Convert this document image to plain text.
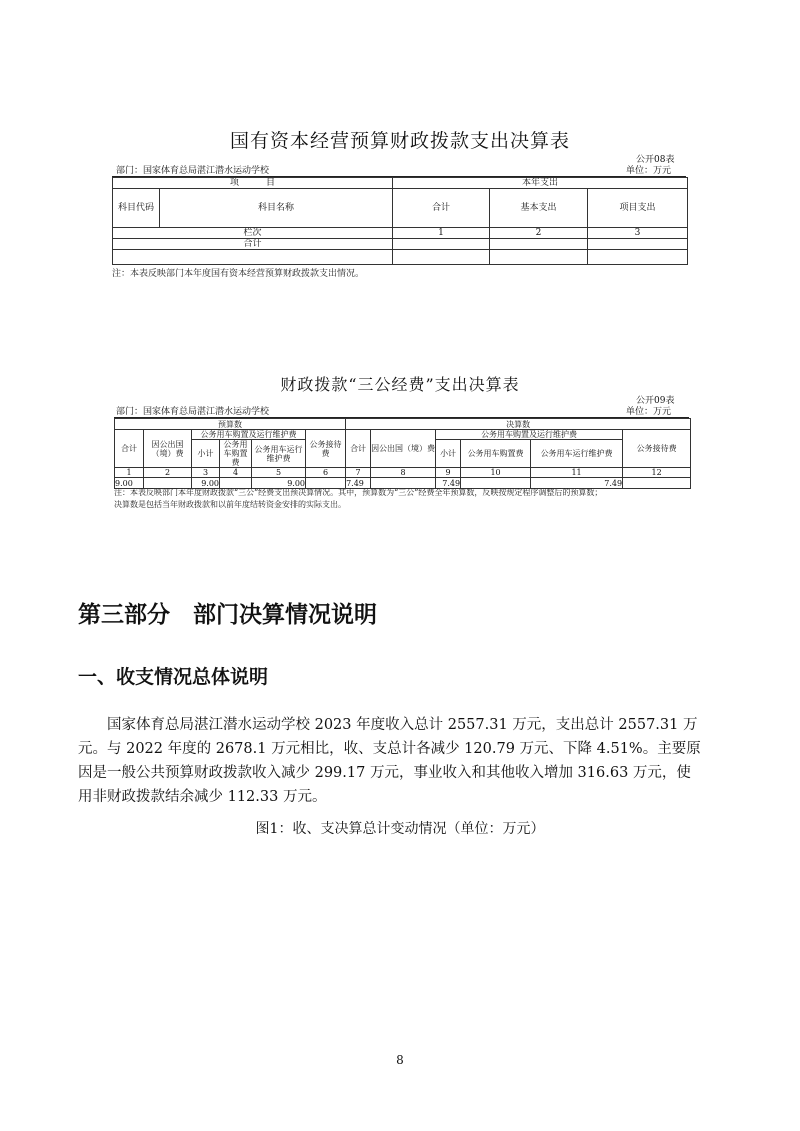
国有资本经营预算财政拨款支出决算表
公开08表
部门：国家体育总局湛江潜水运动学校	单位：万元
项　　　目		本年支出		
科目代码	科目名称	合计	基本支出	项目支出
栏次		1	2	3
合计				

注：本表反映部门本年度国有资本经营预算财政拨款支出情况。
财政拨款“三公经费”支出决算表
公开09表
部门：国家体育总局湛江潜水运动学校	单位：万元
预算数						决算数					
合计	因公出国（境）费	公务用车购置及运行维护费			公务接待费	合计	因公出国（境）费	公务用车购置及运行维护费			公务接待费
		小计	公务用车购置费	公务用车运行维护费				小计	公务用车购置费	公务用车运行维护费	
1	2	3	4	5	6	7	8	9	10	11	12
9.00		9.00		9.00		7.49		7.49		7.49	
注：本表反映部门本年度财政拨款“三公”经费支出预决算情况。其中，预算数为“三公”经费全年预算数，反映按规定程序调整后的预算数；
决算数是包括当年财政拨款和以前年度结转资金安排的实际支出。
第三部分　部门决算情况说明
一、收支情况总体说明
国家体育总局湛江潜水运动学校 2023 年度收入总计 2557.31 万元，支出总计 2557.31 万
元。与 2022 年度的 2678.1 万元相比，收、支总计各减少 120.79 万元、下降 4.51%。主要原
因是一般公共预算财政拨款收入减少 299.17 万元，事业收入和其他收入增加 316.63 万元，使
用非财政拨款结余减少 112.33 万元。
图1：收、支决算总计变动情况（单位：万元）
8
